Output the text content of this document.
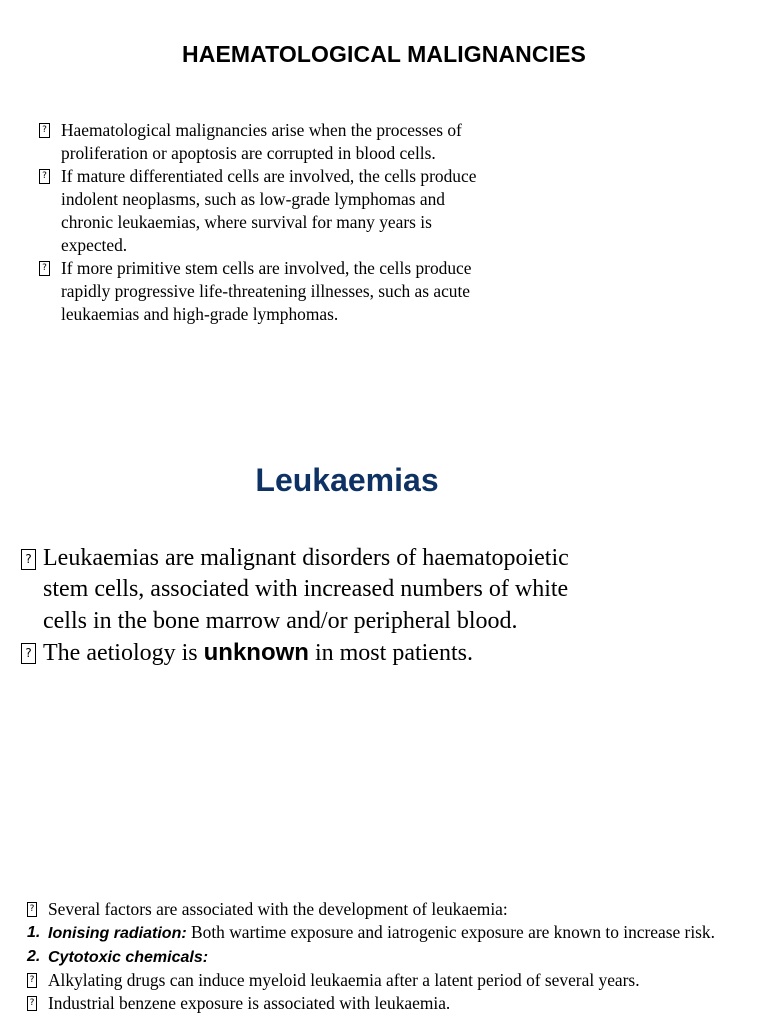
HAEMATOLOGICAL MALIGNANCIES
?
Haematological malignancies arise when the processes of proliferation or apoptosis are corrupted in blood cells.
?
If mature differentiated cells are involved, the cells produce indolent neoplasms, such as low-grade lymphomas and chronic leukaemias, where survival for many years is expected.
?
If more primitive stem cells are involved, the cells produce rapidly progressive life-threatening illnesses, such as acute leukaemias and high-grade lymphomas.
Leukaemias
?
Leukaemias are malignant disorders of haematopoietic stem cells, associated with increased numbers of white cells in the bone marrow and/or peripheral blood.
?
The aetiology is unknown in most patients.
?
Several factors are associated with the development of leukaemia:
1. Ionising radiation: Both wartime exposure and iatrogenic exposure are known to increase risk.
2. Cytotoxic chemicals:
?
Alkylating drugs can induce myeloid leukaemia after a latent period of several years.
?
Industrial benzene exposure is associated with leukaemia.
